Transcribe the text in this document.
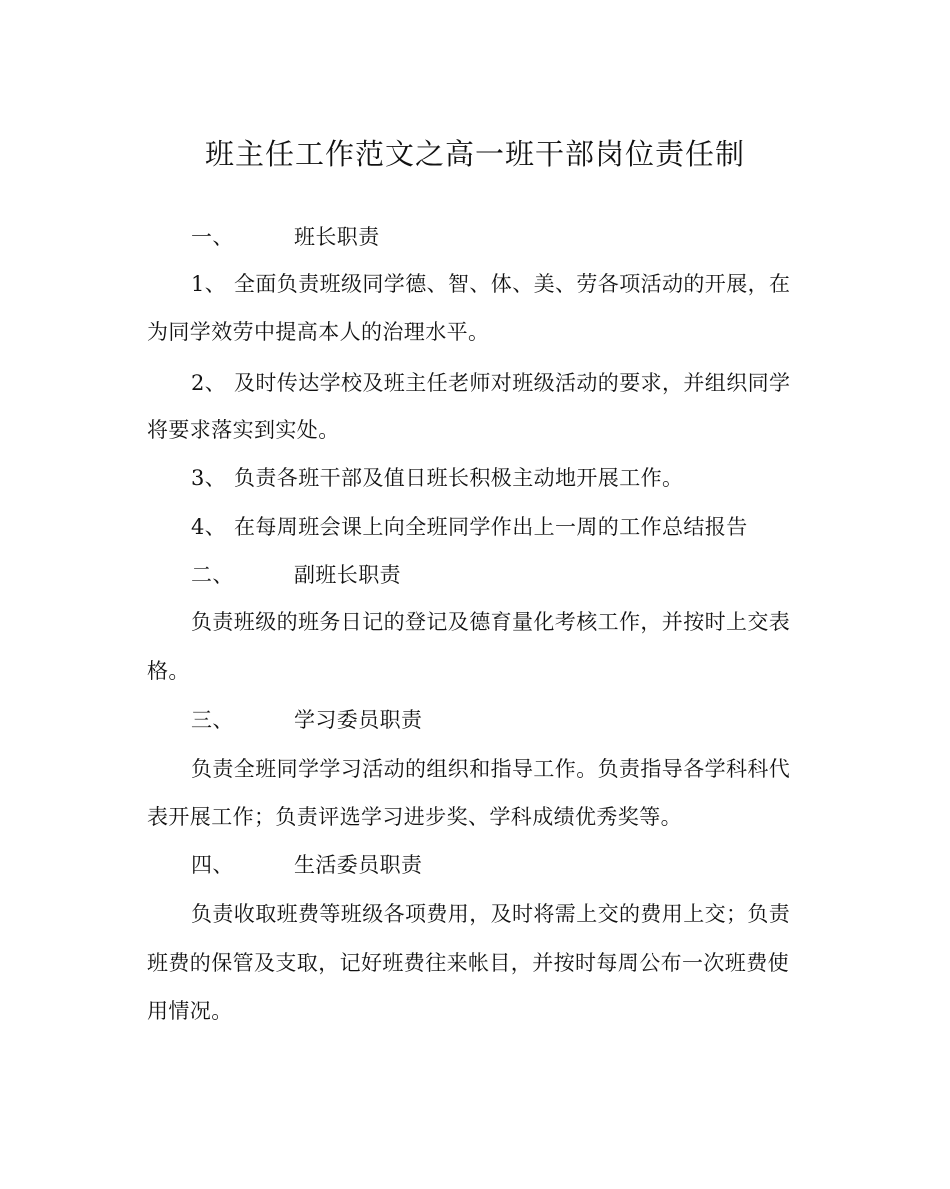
班主任工作范文之高一班干部岗位责任制
一、	班长职责
1、 全面负责班级同学德、智、体、美、劳各项活动的开展，在
为同学效劳中提高本人的治理水平。
2、 及时传达学校及班主任老师对班级活动的要求，并组织同学
将要求落实到实处。
3、 负责各班干部及值日班长积极主动地开展工作。
4、 在每周班会课上向全班同学作出上一周的工作总结报告
二、	副班长职责
负责班级的班务日记的登记及德育量化考核工作，并按时上交表
格。
三、	学习委员职责
负责全班同学学习活动的组织和指导工作。负责指导各学科科代
表开展工作；负责评选学习进步奖、学科成绩优秀奖等。
四、	生活委员职责
负责收取班费等班级各项费用，及时将需上交的费用上交；负责
班费的保管及支取，记好班费往来帐目，并按时每周公布一次班费使
用情况。
